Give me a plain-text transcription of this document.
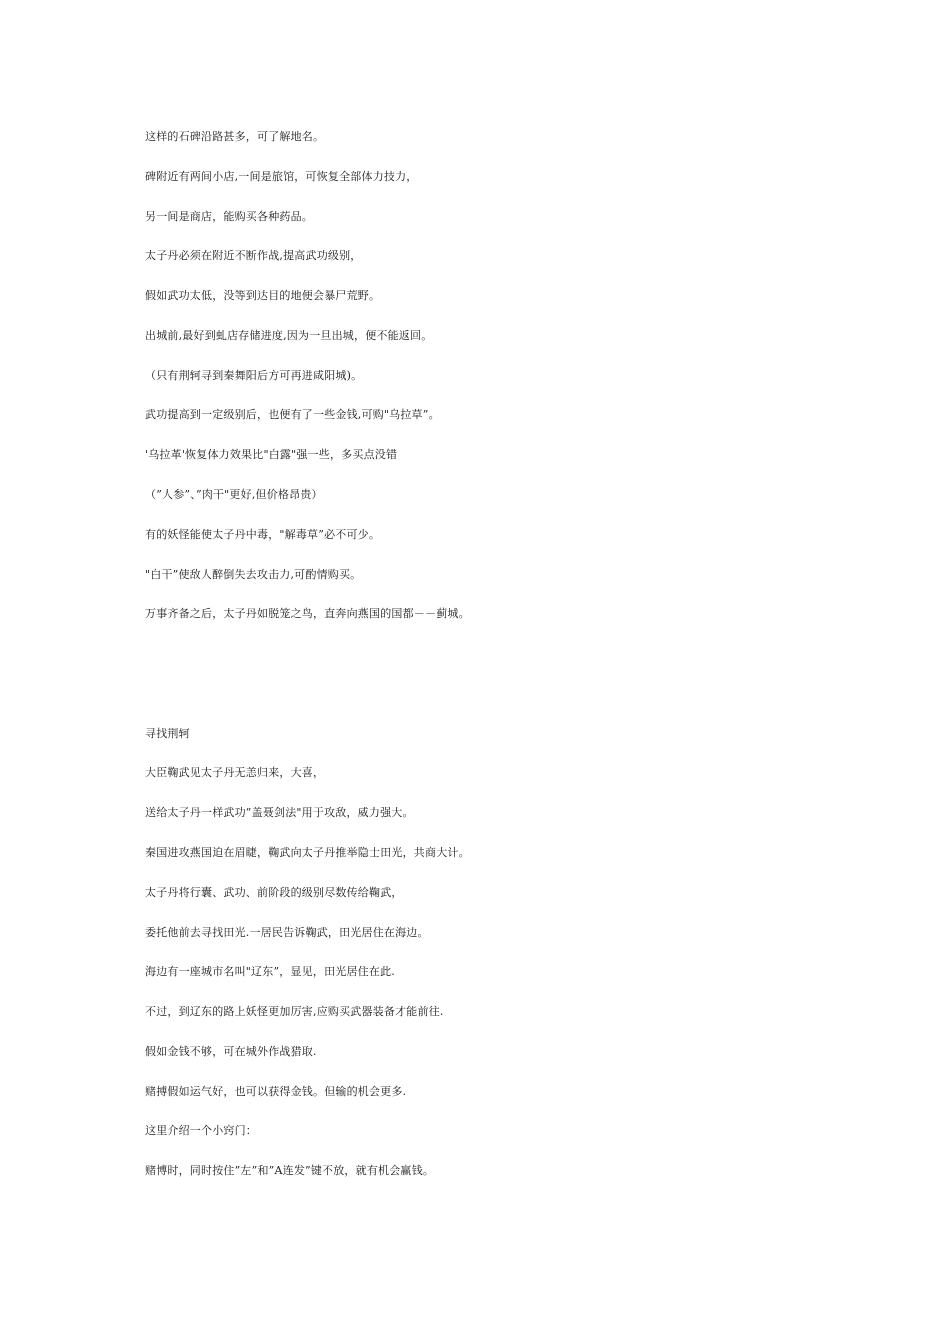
这样的石碑沿路甚多，可了解地名。
碑附近有两间小店,一间是旅馆，可恢复全部体力技力，
另一间是商店，能购买各种药品。
太子丹必须在附近不断作战,提高武功级别，
假如武功太低，没等到达目的地便会暴尸荒野。
出城前,最好到虬店存储进度,因为一旦出城，便不能返回。
（只有荆轲寻到秦舞阳后方可再进咸阳城)。
武功提高到一定级别后，也便有了一些金钱,可购"乌拉草”。
'乌拉革'恢复体力效果比"白露"强一些，多买点没错
（”人参”、”肉干"更好,但价格昂贵）
有的妖怪能使太子丹中毒，"解毒草”必不可少。
"白干”使敌人醉倒失去攻击力,可酌情购买。
万事齐备之后，太子丹如脱笼之鸟，直奔向燕国的国都－－蓟城。
寻找荆轲
大臣鞠武见太子丹无恙归来，大喜，
送给太子丹一样武功”盖聂剑法"用于攻敌，威力强大。
秦国进攻燕国迫在眉睫，鞠武向太子丹推举隐士田光，共商大计。
太子丹将行囊、武功、前阶段的级别尽数传给鞠武，
委托他前去寻找田光.一居民告诉鞠武，田光居住在海边。
海边有一座城市名叫"辽东”，显见，田光居住在此.
不过，到辽东的路上妖怪更加厉害,应购买武器装备才能前往.
假如金钱不够，可在城外作战猎取.
赌搏假如运气好，也可以获得金钱。但输的机会更多.
这里介绍一个小窍门：
赌博时，同时按住”左”和”A连发”键不放，就有机会赢钱。
